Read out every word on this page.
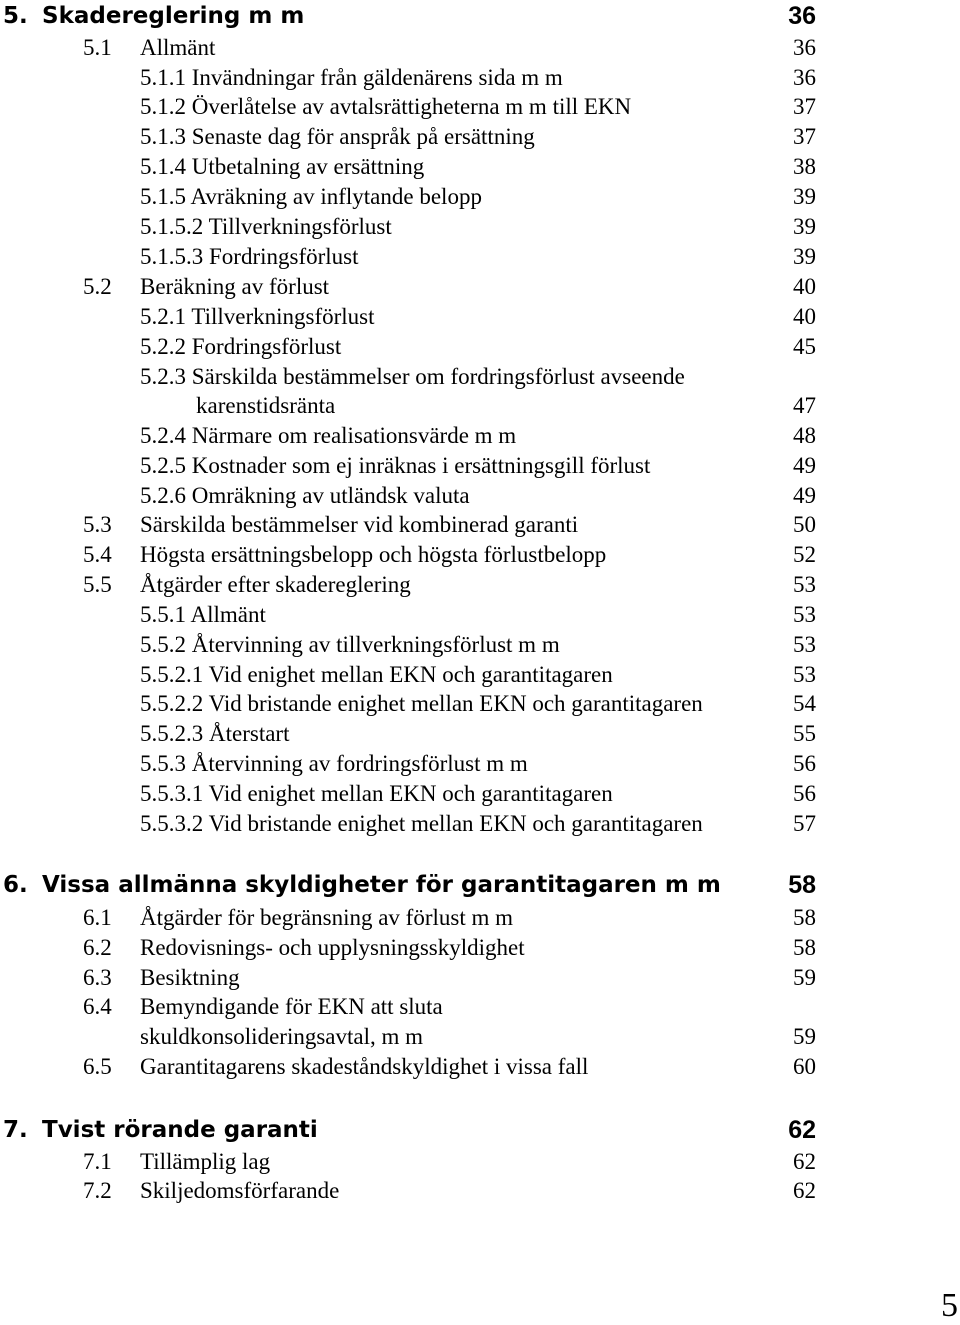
5. Skadereglering m m	36
5.1 Allmänt	36
5.1.1 Invändningar från gäldenärens sida m m	36
5.1.2 Överlåtelse av avtalsrättigheterna m m till EKN	37
5.1.3 Senaste dag för anspråk på ersättning	37
5.1.4 Utbetalning av ersättning	38
5.1.5 Avräkning av inflytande belopp	39
5.1.5.2 Tillverkningsförlust	39
5.1.5.3 Fordringsförlust	39
5.2 Beräkning av förlust	40
5.2.1 Tillverkningsförlust	40
5.2.2 Fordringsförlust	45
5.2.3 Särskilda bestämmelser om fordringsförlust avseende
karenstidsränta	47
5.2.4 Närmare om realisationsvärde m m	48
5.2.5 Kostnader som ej inräknas i ersättningsgill förlust	49
5.2.6 Omräkning av utländsk valuta	49
5.3 Särskilda bestämmelser vid kombinerad garanti	50
5.4 Högsta ersättningsbelopp och högsta förlustbelopp	52
5.5 Åtgärder efter skadereglering	53
5.5.1 Allmänt	53
5.5.2 Återvinning av tillverkningsförlust m m	53
5.5.2.1 Vid enighet mellan EKN och garantitagaren	53
5.5.2.2 Vid bristande enighet mellan EKN och garantitagaren	54
5.5.2.3 Återstart	55
5.5.3 Återvinning av fordringsförlust m m	56
5.5.3.1 Vid enighet mellan EKN och garantitagaren	56
5.5.3.2 Vid bristande enighet mellan EKN och garantitagaren	57
6. Vissa allmänna skyldigheter för garantitagaren m m	58
6.1 Åtgärder för begränsning av förlust m m	58
6.2 Redovisnings- och upplysningsskyldighet	58
6.3 Besiktning	59
6.4 Bemyndigande för EKN att sluta
skuldkonsolideringsavtal, m m	59
6.5 Garantitagarens skadeståndskyldighet i vissa fall	60
7. Tvist rörande garanti	62
7.1 Tillämplig lag	62
7.2 Skiljedomsförfarande	62
5
